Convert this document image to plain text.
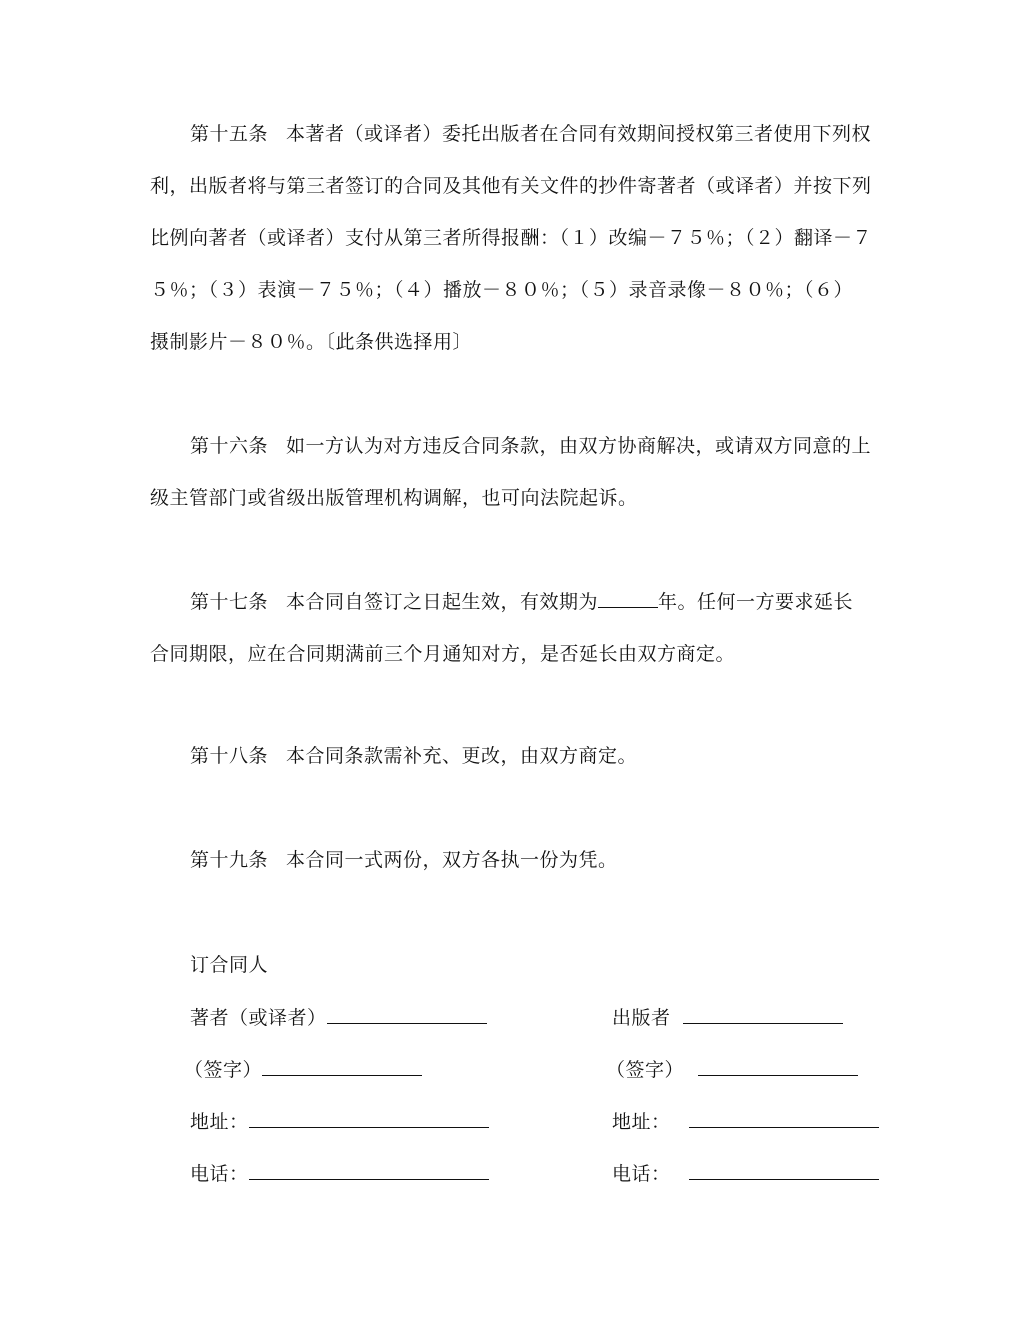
第十五条 本著者（或译者）委托出版者在合同有效期间授权第三者使用下列权利，出版者将与第三者签订的合同及其他有关文件的抄件寄著者（或译者）并按下列比例向著者（或译者）支付从第三者所得报酬：（１）改编－７５％；（２）翻译－７５％；（３）表演－７５％；（４）播放－８０％；（５）录音录像－８０％；（６）摄制影片－８０％。〔此条供选择用〕

第十六条 如一方认为对方违反合同条款，由双方协商解决，或请双方同意的上级主管部门或省级出版管理机构调解，也可向法院起诉。

第十七条 本合同自签订之日起生效，有效期为	年。任何一方要求延长合同期限，应在合同期满前三个月通知对方，是否延长由双方商定。

第十八条 本合同条款需补充、更改，由双方商定。

第十九条 本合同一式两份，双方各执一份为凭。

订合同人
著者（或译者）
（签字）
地址：
电话：
出版者
（签字）
地址：
电话：
